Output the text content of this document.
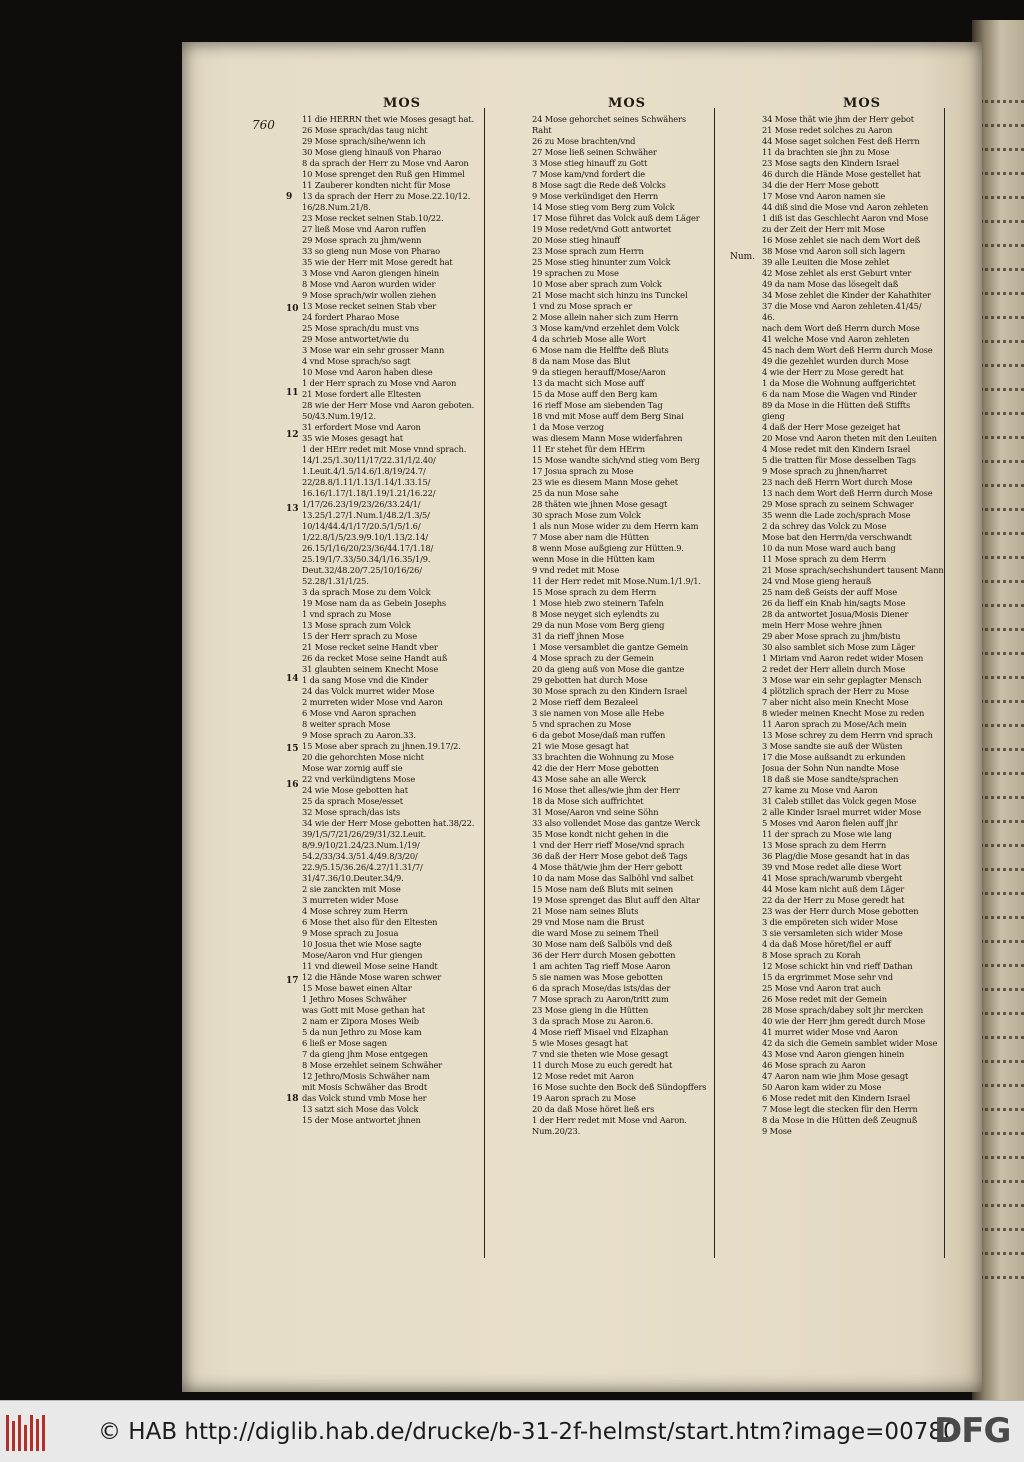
760
MOS
11 die HERRN thet wie Moses gesagt hat.
26 Mose sprach/das taug nicht
29 Mose sprach/sihe/wenn ich
30 Mose gieng hinauß von Pharao
8 da sprach der Herr zu Mose vnd Aaron
10 Mose sprenget den Ruß gen Himmel
11 Zauberer kondten nicht für Mose
13 da sprach der Herr zu Mose.22.10/12.
16/28.Num.21/8.
23 Mose recket seinen Stab.10/22.
27 ließ Mose vnd Aaron ruffen
29 Mose sprach zu jhm/wenn
33 so gieng nun Mose von Pharao
35 wie der Herr mit Mose geredt hat
3 Mose vnd Aaron giengen hinein
8 Mose vnd Aaron wurden wider
9 Mose sprach/wir wollen ziehen
13 Mose recket seinen Stab vber
24 fordert Pharao Mose
25 Mose sprach/du must vns
29 Mose antwortet/wie du
3 Mose war ein sehr grosser Mann
4 vnd Mose sprach/so sagt
10 Mose vnd Aaron haben diese
1 der Herr sprach zu Mose vnd Aaron
21 Mose fordert alle Eltesten
28 wie der Herr Mose vnd Aaron geboten.
50/43.Num.19/12.
31 erfordert Mose vnd Aaron
35 wie Moses gesagt hat
1 der HErr redet mit Mose vnnd sprach.
14/1.25/1.30/11/17/22.31/1/2.40/
1.Leuit.4/1.5/14.6/1.8/19/24.7/
22/28.8/1.11/1.13/1.14/1.33.15/
16.16/1.17/1.18/1.19/1.21/16.22/
1/17/26.23/19/23/26/33.24/1/
13.25/1.27/1.Num.1/48.2/1.3/5/
10/14/44.4/1/17/20.5/1/5/1.6/
1/22.8/1/5/23.9/9.10/1.13/2.14/
26.15/1/16/20/23/36/44.17/1.18/
25.19/1/7.33/50.34/1/16.35/1/9.
Deut.32/48.20/7.25/10/16/26/
52.28/1.31/1/25.
3 da sprach Mose zu dem Volck
19 Mose nam da as Gebein Josephs
1 vnd sprach zu Mose
13 Mose sprach zum Volck
15 der Herr sprach zu Mose
21 Mose recket seine Handt vber
26 da recket Mose seine Handt auß
31 glaubten seinem Knecht Mose
1 da sang Mose vnd die Kinder
24 das Volck murret wider Mose
2 murreten wider Mose vnd Aaron
6 Mose vnd Aaron sprachen
8 weiter sprach Mose
9 Mose sprach zu Aaron.33.
15 Mose aber sprach zu jhnen.19.17/2.
20 die gehorchten Mose nicht
Mose war zornig auff sie
22 vnd verkündigtens Mose
24 wie Mose gebotten hat
25 da sprach Mose/esset
32 Mose sprach/das ists
34 wie der Herr Mose gebotten hat.38/22.
39/1/5/7/21/26/29/31/32.Leuit.
8/9.9/10/21.24/23.Num.1/19/
54.2/33/34.3/51.4/49.8/3/20/
22.9/5.15/36.26/4.27/11.31/7/
31/47.36/10.Deuter.34/9.
2 sie zanckten mit Mose
3 murreten wider Mose
4 Mose schrey zum Herrn
6 Mose thet also für den Eltesten
9 Mose sprach zu Josua
10 Josua thet wie Mose sagte
Mose/Aaron vnd Hur giengen
11 vnd dieweil Mose seine Handt
12 die Hände Mose waren schwer
15 Mose bawet einen Altar
1 Jethro Moses Schwäher
was Gott mit Mose gethan hat
2 nam er Zipora Moses Weib
5 da nun Jethro zu Mose kam
6 ließ er Mose sagen
7 da gieng jhm Mose entgegen
8 Mose erzehlet seinem Schwäher
12 Jethro/Mosis Schwäher nam
mit Mosis Schwäher das Brodt
das Volck stund vmb Mose her
13 satzt sich Mose das Volck
15 der Mose antwortet jhnen
MOS
24 Mose gehorchet seines Schwähers
Raht
26 zu Mose brachten/vnd
27 Mose ließ seinen Schwäher
3 Mose stieg hinauff zu Gott
7 Mose kam/vnd fordert die
8 Mose sagt die Rede deß Volcks
9 Mose verkündiget den Herrn
14 Mose stieg vom Berg zum Volck
17 Mose führet das Volck auß dem Läger
19 Mose redet/vnd Gott antwortet
20 Mose stieg hinauff
23 Mose sprach zum Herrn
25 Mose stieg hinunter zum Volck
19 sprachen zu Mose
10 Mose aber sprach zum Volck
21 Mose macht sich hinzu ins Tunckel
1 vnd zu Mose sprach er
2 Mose allein naher sich zum Herrn
3 Mose kam/vnd erzehlet dem Volck
4 da schrieb Mose alle Wort
6 Mose nam die Helffte deß Bluts
8 da nam Mose das Blut
9 da stiegen herauff/Mose/Aaron
13 da macht sich Mose auff
15 da Mose auff den Berg kam
16 rieff Mose am siebenden Tag
18 vnd mit Mose auff dem Berg Sinai
1 da Mose verzog
was diesem Mann Mose widerfahren
11 Er stehet für dem HErrn
15 Mose wandte sich/vnd stieg vom Berg
17 Josua sprach zu Mose
23 wie es diesem Mann Mose gehet
25 da nun Mose sahe
28 thäten wie jhnen Mose gesagt
30 sprach Mose zum Volck
1 als nun Mose wider zu dem Herrn kam
7 Mose aber nam die Hütten
8 wenn Mose außgieng zur Hütten.9.
wenn Mose in die Hütten kam
9 vnd redet mit Mose
11 der Herr redet mit Mose.Num.1/1.9/1.
15 Mose sprach zu dem Herrn
1 Mose hieb zwo steinern Tafeln
8 Mose neyget sich eylendts zu
29 da nun Mose vom Berg gieng
31 da rieff jhnen Mose
1 Mose versamblet die gantze Gemein
4 Mose sprach zu der Gemein
20 da gieng auß von Mose die gantze
29 gebotten hat durch Mose
30 Mose sprach zu den Kindern Israel
2 Mose rieff dem Bezaleel
3 sie namen von Mose alle Hebe
5 vnd sprachen zu Mose
6 da gebot Mose/daß man ruffen
21 wie Mose gesagt hat
33 brachten die Wohnung zu Mose
42 die der Herr Mose gebotten
43 Mose sahe an alle Werck
16 Mose thet alles/wie jhm der Herr
18 da Mose sich auffrichtet
31 Mose/Aaron vnd seine Söhn
33 also vollendet Mose das gantze Werck
35 Mose kondt nicht gehen in die
1 vnd der Herr rieff Mose/vnd sprach
36 daß der Herr Mose gebot deß Tags
4 Mose thät/wie jhm der Herr gebott
10 da nam Mose das Salböhl vnd salbet
15 Mose nam deß Bluts mit seinen
19 Mose sprenget das Blut auff den Altar
21 Mose nam seines Bluts
29 vnd Mose nam die Brust
die ward Mose zu seinem Theil
30 Mose nam deß Salböls vnd deß
36 der Herr durch Mosen gebotten
1 am achten Tag rieff Mose Aaron
5 sie namen was Mose gebotten
6 da sprach Mose/das ists/das der
7 Mose sprach zu Aaron/tritt zum
23 Mose gieng in die Hütten
3 da sprach Mose zu Aaron.6.
4 Mose rieff Misael vnd Elzaphan
5 wie Moses gesagt hat
7 vnd sie theten wie Mose gesagt
11 durch Mose zu euch geredt hat
12 Mose redet mit Aaron
16 Mose suchte den Bock deß Sündopffers
19 Aaron sprach zu Mose
20 da daß Mose höret ließ ers
1 der Herr redet mit Mose vnd Aaron.
Num.20/23.
MOS
34 Mose thät wie jhm der Herr gebot
21 Mose redet solches zu Aaron
44 Mose saget solchen Fest deß Herrn
11 da brachten sie jhn zu Mose
23 Mose sagts den Kindern Israel
46 durch die Hände Mose gestellet hat
34 die der Herr Mose gebott
17 Mose vnd Aaron namen sie
44 diß sind die Mose vnd Aaron zehleten
1 diß ist das Geschlecht Aaron vnd Mose
zu der Zeit der Herr mit Mose
16 Mose zehlet sie nach dem Wort deß
38 Mose vnd Aaron soll sich lagern
39 alle Leuiten die Mose zehlet
42 Mose zehlet als erst Geburt vnter
49 da nam Mose das lösegelt daß
34 Mose zehlet die Kinder der Kahathiter
37 die Mose vnd Aaron zehleten.41/45/
46.
nach dem Wort deß Herrn durch Mose
41 welche Mose vnd Aaron zehleten
45 nach dem Wort deß Herrn durch Mose
49 die gezehlet wurden durch Mose
4 wie der Herr zu Mose geredt hat
1 da Mose die Wohnung auffgerichtet
6 da nam Mose die Wagen vnd Rinder
89 da Mose in die Hütten deß Stiffts
gieng
4 daß der Herr Mose gezeiget hat
20 Mose vnd Aaron theten mit den Leuiten
4 Mose redet mit den Kindern Israel
5 die tratten für Mose desselben Tags
9 Mose sprach zu jhnen/harret
23 nach deß Herrn Wort durch Mose
13 nach dem Wort deß Herrn durch Mose
29 Mose sprach zu seinem Schwager
35 wenn die Lade zoch/sprach Mose
2 da schrey das Volck zu Mose
Mose bat den Herrn/da verschwandt
10 da nun Mose ward auch bang
11 Mose sprach zu dem Herrn
21 Mose sprach/sechshundert tausent Mann
24 vnd Mose gieng herauß
25 nam deß Geists der auff Mose
26 da lieff ein Knab hin/sagts Mose
28 da antwortet Josua/Mosis Diener
mein Herr Mose wehre jhnen
29 aber Mose sprach zu jhm/bistu
30 also samblet sich Mose zum Läger
1 Miriam vnd Aaron redet wider Mosen
2 redet der Herr allein durch Mose
3 Mose war ein sehr geplagter Mensch
4 plötzlich sprach der Herr zu Mose
7 aber nicht also mein Knecht Mose
8 wieder meinen Knecht Mose zu reden
11 Aaron sprach zu Mose/Ach mein
13 Mose schrey zu dem Herrn vnd sprach
3 Mose sandte sie auß der Wüsten
17 die Mose außsandt zu erkunden
Josua der Sohn Nun nandte Mose
18 daß sie Mose sandte/sprachen
27 kame zu Mose vnd Aaron
31 Caleb stillet das Volck gegen Mose
2 alle Kinder Israel murret wider Mose
5 Moses vnd Aaron fielen auff jhr
11 der sprach zu Mose wie lang
13 Mose sprach zu dem Herrn
36 Plag/die Mose gesandt hat in das
39 vnd Mose redet alle diese Wort
41 Mose sprach/warumb vbergeht
44 Mose kam nicht auß dem Läger
22 da der Herr zu Mose geredt hat
23 was der Herr durch Mose gebotten
3 die empöreten sich wider Mose
3 sie versamleten sich wider Mose
4 da daß Mose höret/fiel er auff
8 Mose sprach zu Korah
12 Mose schickt hin vnd rieff Dathan
15 da ergrimmet Mose sehr vnd
25 Mose vnd Aaron trat auch
26 Mose redet mit der Gemein
28 Mose sprach/dabey solt jhr mercken
40 wie der Herr jhm geredt durch Mose
41 murret wider Mose vnd Aaron
42 da sich die Gemein samblet wider Mose
43 Mose vnd Aaron giengen hinein
46 Mose sprach zu Aaron
47 Aaron nam wie jhm Mose gesagt
50 Aaron kam wider zu Mose
6 Mose redet mit den Kindern Israel
7 Mose legt die stecken für den Herrn
8 da Mose in die Hütten deß Zeugnuß
9 Mose
Num.
9
10
11
12
13
14
15
16
17
18
© HAB http://diglib.hab.de/drucke/b-31-2f-helmst/start.htm?image=00780
DFG
